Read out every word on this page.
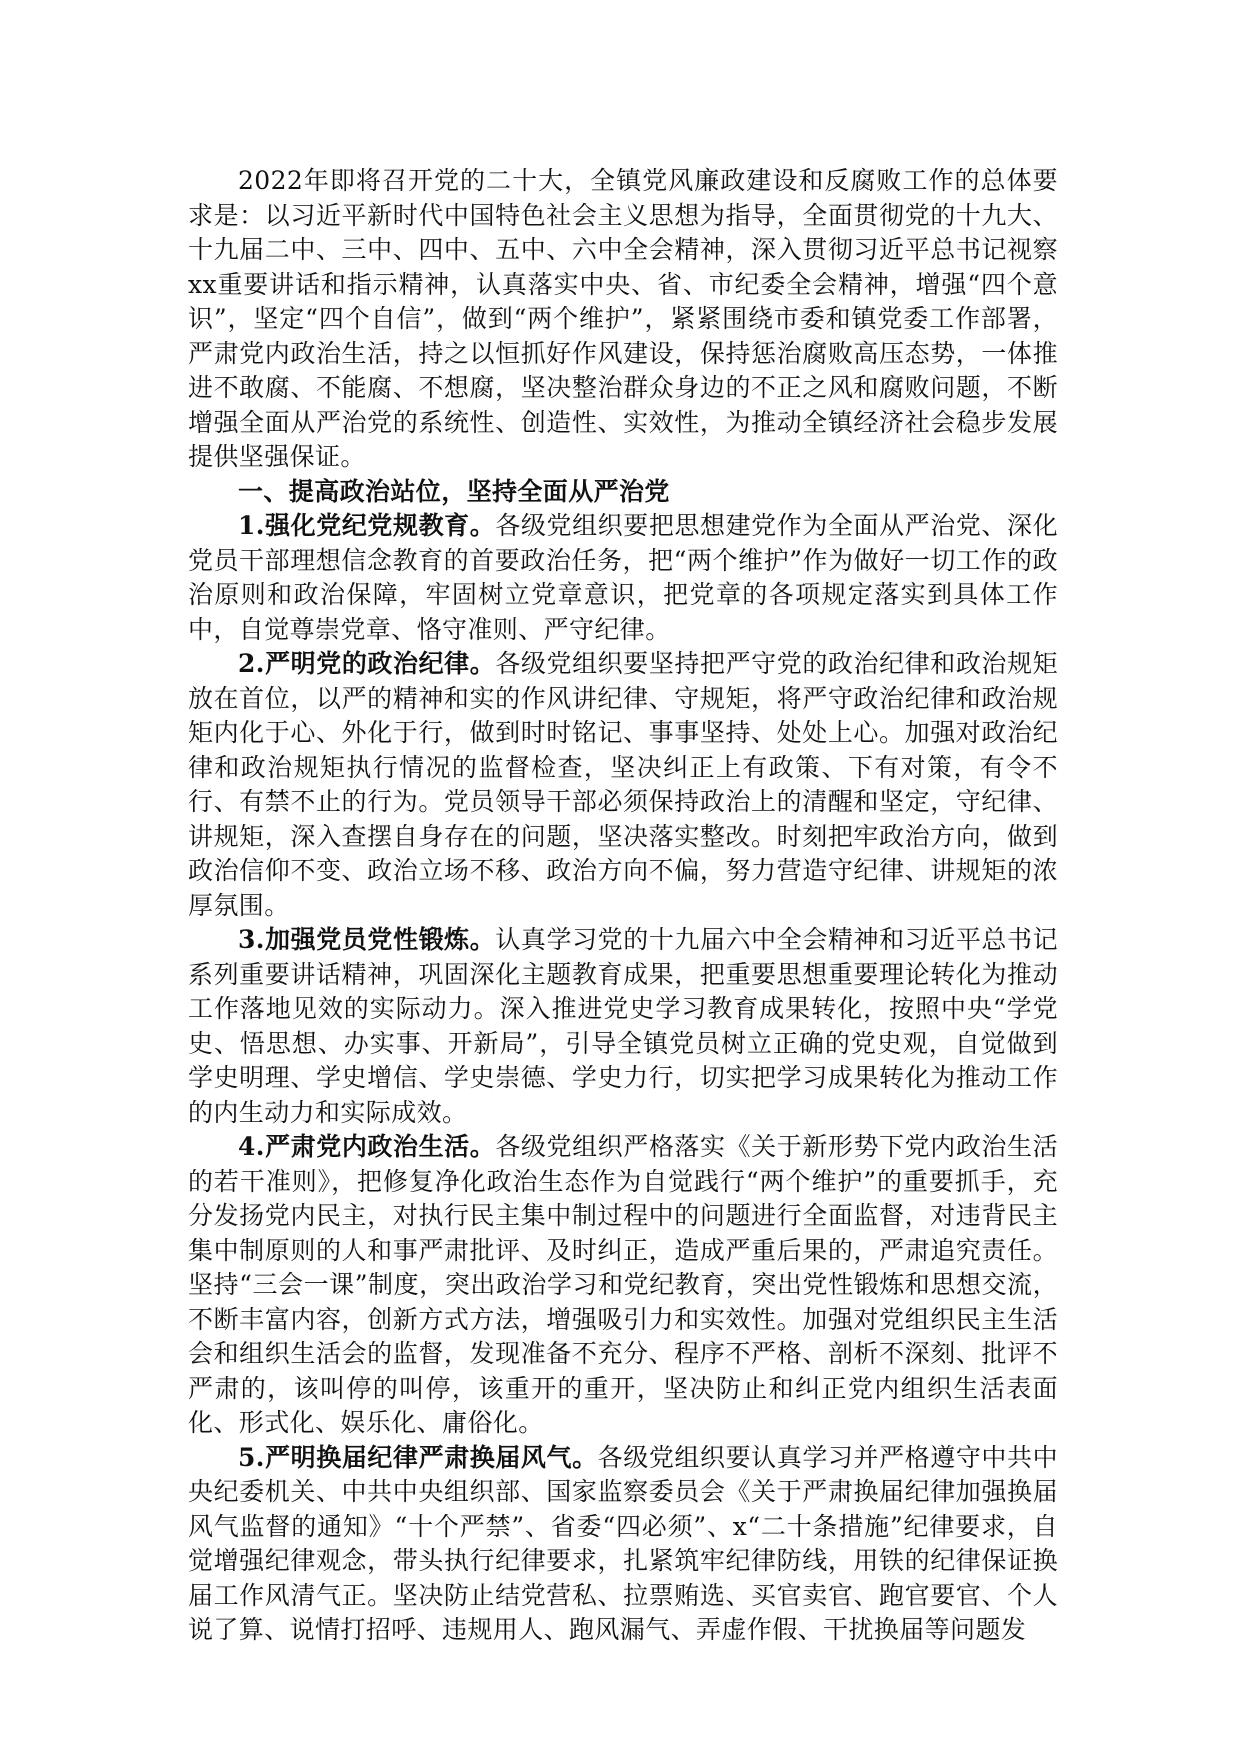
2022年即将召开党的二十大，全镇党风廉政建设和反腐败工作的总体要求是：以习近平新时代中国特色社会主义思想为指导，全面贯彻党的十九大、十九届二中、三中、四中、五中、六中全会精神，深入贯彻习近平总书记视察xx重要讲话和指示精神，认真落实中央、省、市纪委全会精神，增强“四个意识”，坚定“四个自信”，做到“两个维护”，紧紧围绕市委和镇党委工作部署，严肃党内政治生活，持之以恒抓好作风建设，保持惩治腐败高压态势，一体推进不敢腐、不能腐、不想腐，坚决整治群众身边的不正之风和腐败问题，不断增强全面从严治党的系统性、创造性、实效性，为推动全镇经济社会稳步发展提供坚强保证。

一、提高政治站位，坚持全面从严治党

1.强化党纪党规教育。各级党组织要把思想建党作为全面从严治党、深化党员干部理想信念教育的首要政治任务，把“两个维护”作为做好一切工作的政治原则和政治保障，牢固树立党章意识，把党章的各项规定落实到具体工作中，自觉尊崇党章、恪守准则、严守纪律。

2.严明党的政治纪律。各级党组织要坚持把严守党的政治纪律和政治规矩放在首位，以严的精神和实的作风讲纪律、守规矩，将严守政治纪律和政治规矩内化于心、外化于行，做到时时铭记、事事坚持、处处上心。加强对政治纪律和政治规矩执行情况的监督检查，坚决纠正上有政策、下有对策，有令不行、有禁不止的行为。党员领导干部必须保持政治上的清醒和坚定，守纪律、讲规矩，深入查摆自身存在的问题，坚决落实整改。时刻把牢政治方向，做到政治信仰不变、政治立场不移、政治方向不偏，努力营造守纪律、讲规矩的浓厚氛围。

3.加强党员党性锻炼。认真学习党的十九届六中全会精神和习近平总书记系列重要讲话精神，巩固深化主题教育成果，把重要思想重要理论转化为推动工作落地见效的实际动力。深入推进党史学习教育成果转化，按照中央“学党史、悟思想、办实事、开新局”，引导全镇党员树立正确的党史观，自觉做到学史明理、学史增信、学史崇德、学史力行，切实把学习成果转化为推动工作的内生动力和实际成效。

4.严肃党内政治生活。各级党组织严格落实《关于新形势下党内政治生活的若干准则》，把修复净化政治生态作为自觉践行“两个维护”的重要抓手，充分发扬党内民主，对执行民主集中制过程中的问题进行全面监督，对违背民主集中制原则的人和事严肃批评、及时纠正，造成严重后果的，严肃追究责任。坚持“三会一课”制度，突出政治学习和党纪教育，突出党性锻炼和思想交流，不断丰富内容，创新方式方法，增强吸引力和实效性。加强对党组织民主生活会和组织生活会的监督，发现准备不充分、程序不严格、剖析不深刻、批评不严肃的，该叫停的叫停，该重开的重开，坚决防止和纠正党内组织生活表面化、形式化、娱乐化、庸俗化。

5.严明换届纪律严肃换届风气。各级党组织要认真学习并严格遵守中共中央纪委机关、中共中央组织部、国家监察委员会《关于严肃换届纪律加强换届风气监督的通知》“十个严禁”、省委“四必须”、x“二十条措施”纪律要求，自觉增强纪律观念，带头执行纪律要求，扎紧筑牢纪律防线，用铁的纪律保证换届工作风清气正。坚决防止结党营私、拉票贿选、买官卖官、跑官要官、个人说了算、说情打招呼、违规用人、跑风漏气、弄虚作假、干扰换届等问题发
